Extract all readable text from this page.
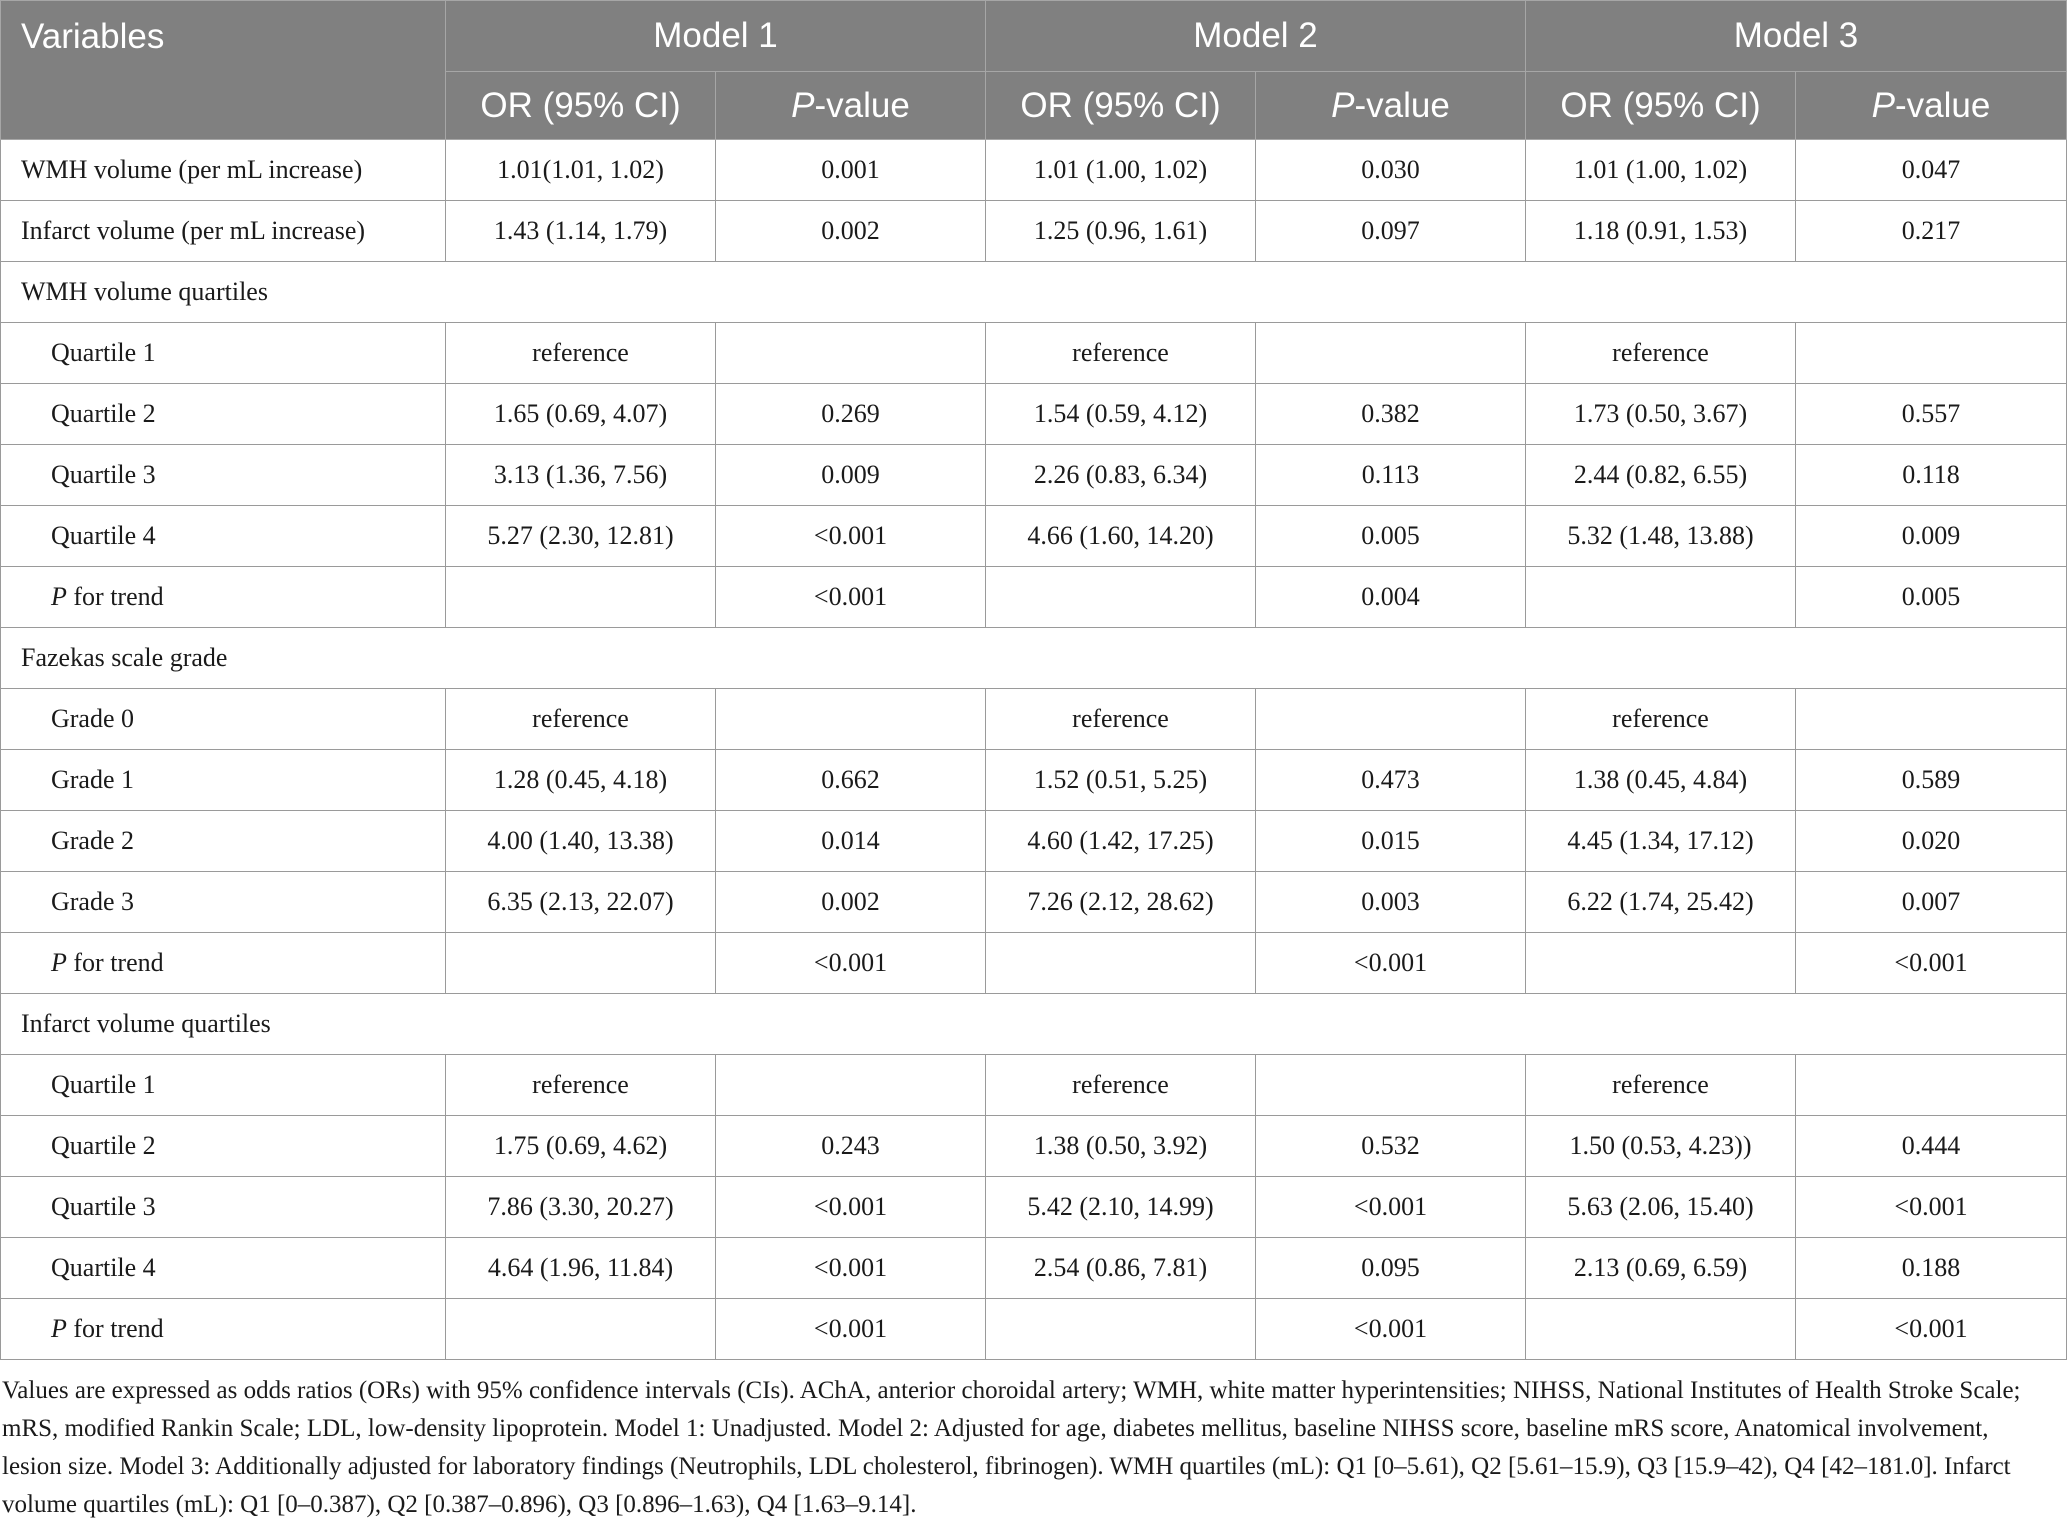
Variables	Model 1		Model 2		Model 3	
	OR (95% CI)	P-value	OR (95% CI)	P-value	OR (95% CI)	P-value
WMH volume (per mL increase)	1.01(1.01, 1.02)	0.001	1.01 (1.00, 1.02)	0.030	1.01 (1.00, 1.02)	0.047
Infarct volume (per mL increase)	1.43 (1.14, 1.79)	0.002	1.25 (0.96, 1.61)	0.097	1.18 (0.91, 1.53)	0.217
WMH volume quartiles						
Quartile 1	reference		reference		reference	
Quartile 2	1.65 (0.69, 4.07)	0.269	1.54 (0.59, 4.12)	0.382	1.73 (0.50, 3.67)	0.557
Quartile 3	3.13 (1.36, 7.56)	0.009	2.26 (0.83, 6.34)	0.113	2.44 (0.82, 6.55)	0.118
Quartile 4	5.27 (2.30, 12.81)	<0.001	4.66 (1.60, 14.20)	0.005	5.32 (1.48, 13.88)	0.009
P for trend		<0.001		0.004		0.005
Fazekas scale grade						
Grade 0	reference		reference		reference	
Grade 1	1.28 (0.45, 4.18)	0.662	1.52 (0.51, 5.25)	0.473	1.38 (0.45, 4.84)	0.589
Grade 2	4.00 (1.40, 13.38)	0.014	4.60 (1.42, 17.25)	0.015	4.45 (1.34, 17.12)	0.020
Grade 3	6.35 (2.13, 22.07)	0.002	7.26 (2.12, 28.62)	0.003	6.22 (1.74, 25.42)	0.007
P for trend		<0.001		<0.001		<0.001
Infarct volume quartiles						
Quartile 1	reference		reference		reference	
Quartile 2	1.75 (0.69, 4.62)	0.243	1.38 (0.50, 3.92)	0.532	1.50 (0.53, 4.23))	0.444
Quartile 3	7.86 (3.30, 20.27)	<0.001	5.42 (2.10, 14.99)	<0.001	5.63 (2.06, 15.40)	<0.001
Quartile 4	4.64 (1.96, 11.84)	<0.001	2.54 (0.86, 7.81)	0.095	2.13 (0.69, 6.59)	0.188
P for trend		<0.001		<0.001		<0.001
Values are expressed as odds ratios (ORs) with 95% confidence intervals (CIs). AChA, anterior choroidal artery; WMH, white matter hyperintensities; NIHSS, National Institutes of Health Stroke Scale; mRS, modified Rankin Scale; LDL, low-density lipoprotein. Model 1: Unadjusted. Model 2: Adjusted for age, diabetes mellitus, baseline NIHSS score, baseline mRS score, Anatomical involvement, lesion size. Model 3: Additionally adjusted for laboratory findings (Neutrophils, LDL cholesterol, fibrinogen). WMH quartiles (mL): Q1 [0–5.61), Q2 [5.61–15.9), Q3 [15.9–42), Q4 [42–181.0]. Infarct volume quartiles (mL): Q1 [0–0.387), Q2 [0.387–0.896), Q3 [0.896–1.63), Q4 [1.63–9.14].
